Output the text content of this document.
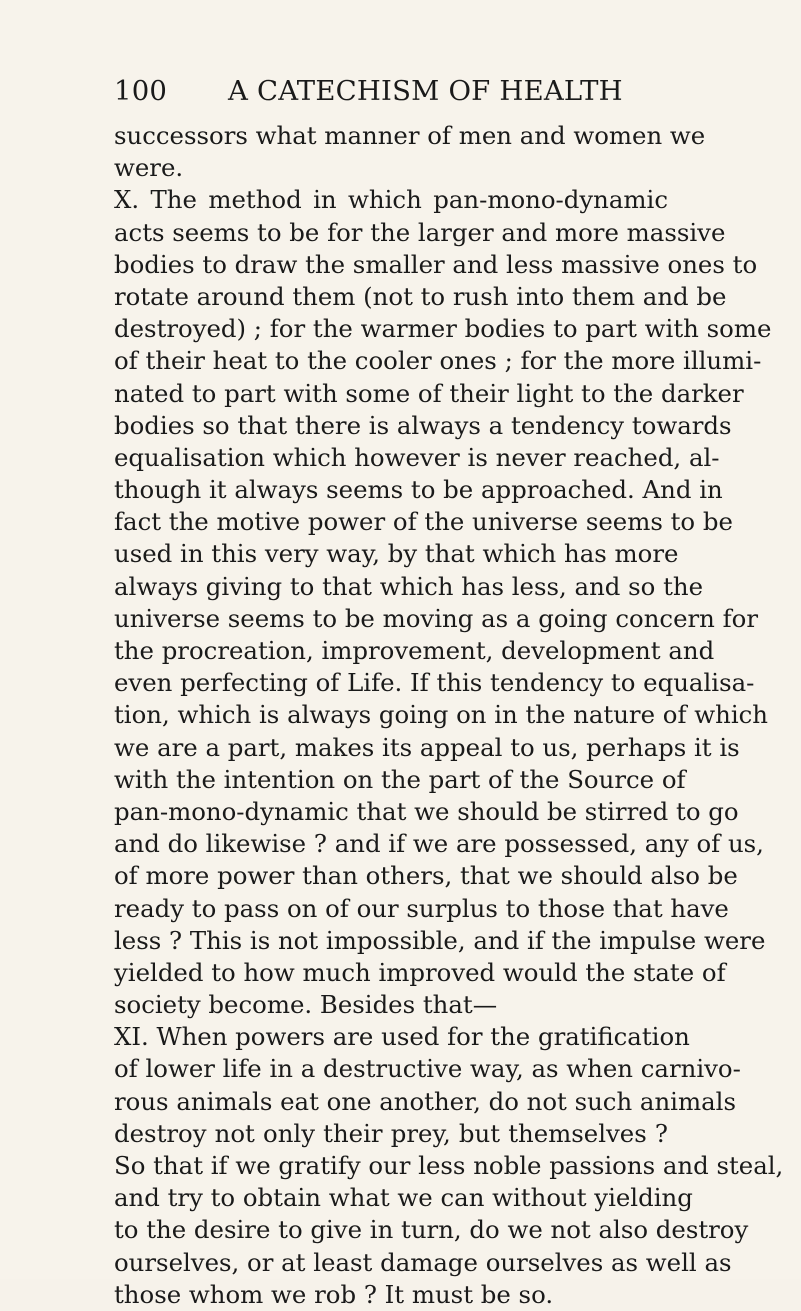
100 A CATECHISM OF HEALTH
successors what manner of men and women we
were.
X. The method in which pan-mono-dynamic
acts seems to be for the larger and more massive
bodies to draw the smaller and less massive ones to
rotate around them (not to rush into them and be
destroyed) ; for the warmer bodies to part with some
of their heat to the cooler ones ; for the more illumi-
nated to part with some of their light to the darker
bodies so that there is always a tendency towards
equalisation which however is never reached, al-
though it always seems to be approached. And in
fact the motive power of the universe seems to be
used in this very way, by that which has more
always giving to that which has less, and so the
universe seems to be moving as a going concern for
the procreation, improvement, development and
even perfecting of Life. If this tendency to equalisa-
tion, which is always going on in the nature of which
we are a part, makes its appeal to us, perhaps it is
with the intention on the part of the Source of
pan-mono-dynamic that we should be stirred to go
and do likewise ? and if we are possessed, any of us,
of more power than others, that we should also be
ready to pass on of our surplus to those that have
less ? This is not impossible, and if the impulse were
yielded to how much improved would the state of
society become. Besides that—
XI. When powers are used for the gratification
of lower life in a destructive way, as when carnivo-
rous animals eat one another, do not such animals
destroy not only their prey, but themselves ?
So that if we gratify our less noble passions and steal,
and try to obtain what we can without yielding
to the desire to give in turn, do we not also destroy
ourselves, or at least damage ourselves as well as
those whom we rob ? It must be so.
